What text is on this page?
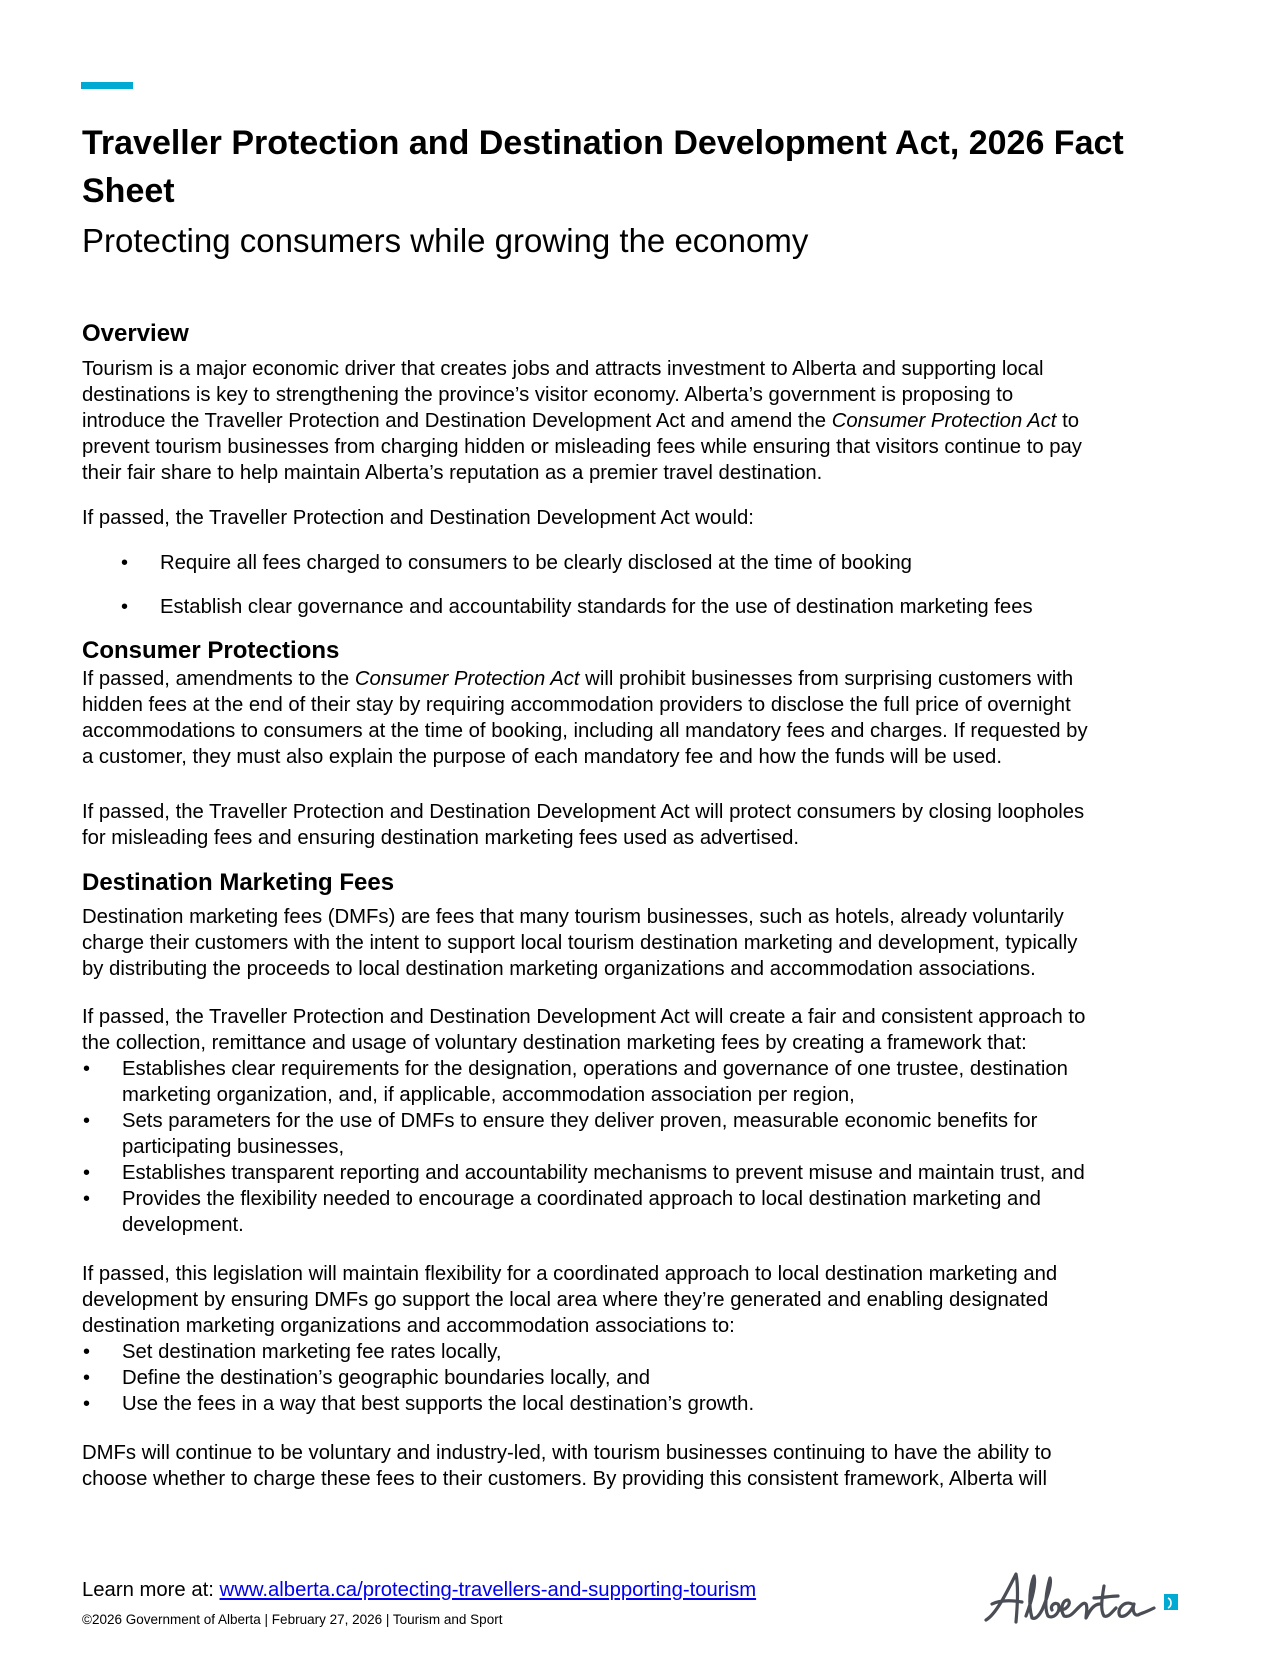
Traveller Protection and Destination Development Act, 2026 Fact
Sheet
Protecting consumers while growing the economy
Overview
Tourism is a major economic driver that creates jobs and attracts investment to Alberta and supporting local
destinations is key to strengthening the province’s visitor economy. Alberta’s government is proposing to
introduce the Traveller Protection and Destination Development Act and amend the Consumer Protection Act to
prevent tourism businesses from charging hidden or misleading fees while ensuring that visitors continue to pay
their fair share to help maintain Alberta’s reputation as a premier travel destination.
If passed, the Traveller Protection and Destination Development Act would:
• Require all fees charged to consumers to be clearly disclosed at the time of booking
• Establish clear governance and accountability standards for the use of destination marketing fees
Consumer Protections
If passed, amendments to the Consumer Protection Act will prohibit businesses from surprising customers with
hidden fees at the end of their stay by requiring accommodation providers to disclose the full price of overnight
accommodations to consumers at the time of booking, including all mandatory fees and charges. If requested by
a customer, they must also explain the purpose of each mandatory fee and how the funds will be used.
If passed, the Traveller Protection and Destination Development Act will protect consumers by closing loopholes
for misleading fees and ensuring destination marketing fees used as advertised.
Destination Marketing Fees
Destination marketing fees (DMFs) are fees that many tourism businesses, such as hotels, already voluntarily
charge their customers with the intent to support local tourism destination marketing and development, typically
by distributing the proceeds to local destination marketing organizations and accommodation associations.
If passed, the Traveller Protection and Destination Development Act will create a fair and consistent approach to
the collection, remittance and usage of voluntary destination marketing fees by creating a framework that:
• Establishes clear requirements for the designation, operations and governance of one trustee, destination
marketing organization, and, if applicable, accommodation association per region,
• Sets parameters for the use of DMFs to ensure they deliver proven, measurable economic benefits for
participating businesses,
• Establishes transparent reporting and accountability mechanisms to prevent misuse and maintain trust, and
• Provides the flexibility needed to encourage a coordinated approach to local destination marketing and
development.
If passed, this legislation will maintain flexibility for a coordinated approach to local destination marketing and
development by ensuring DMFs go support the local area where they’re generated and enabling designated
destination marketing organizations and accommodation associations to:
• Set destination marketing fee rates locally,
• Define the destination’s geographic boundaries locally, and
• Use the fees in a way that best supports the local destination’s growth.
DMFs will continue to be voluntary and industry-led, with tourism businesses continuing to have the ability to
choose whether to charge these fees to their customers. By providing this consistent framework, Alberta will
Learn more at: www.alberta.ca/protecting-travellers-and-supporting-tourism
©2026 Government of Alberta | February 27, 2026 | Tourism and Sport
